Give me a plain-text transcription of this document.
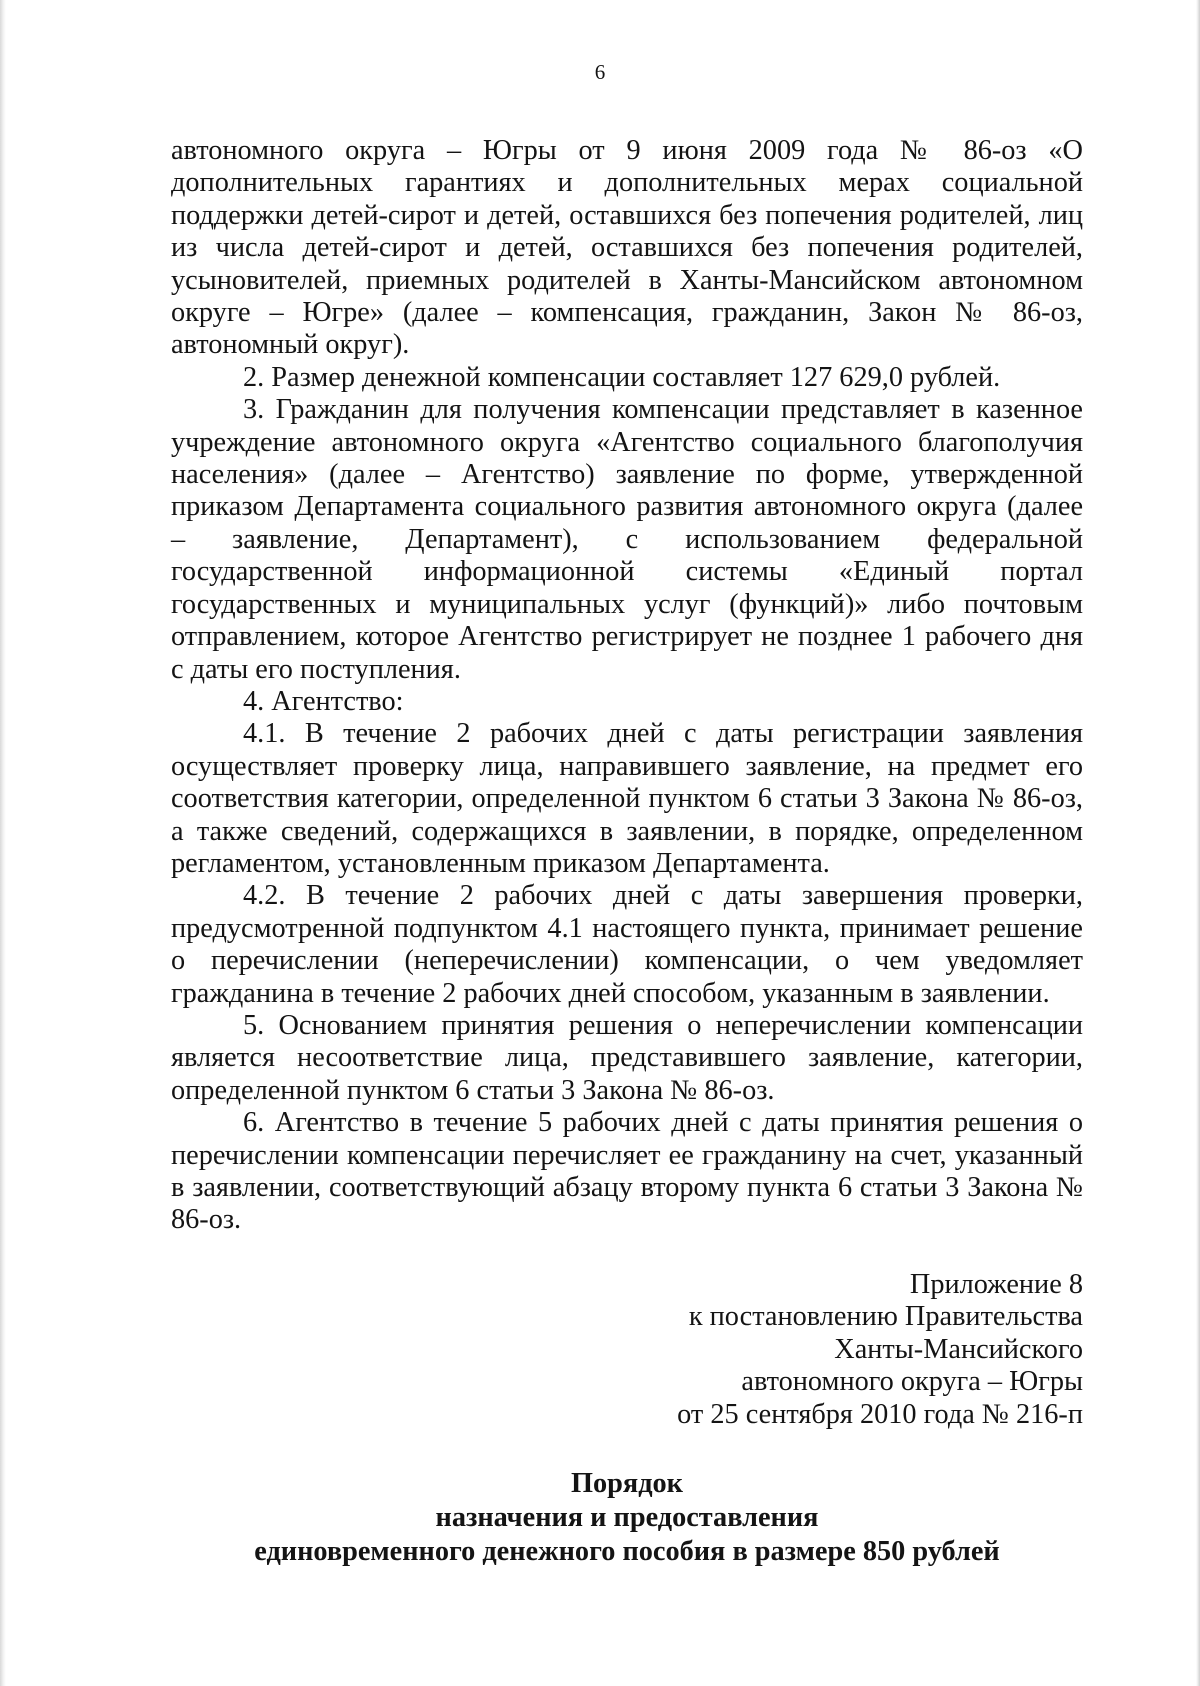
6

автономного округа – Югры от 9 июня 2009 года № 86-оз «О дополнительных гарантиях и дополнительных мерах социальной поддержки детей-сирот и детей, оставшихся без попечения родителей, лиц из числа детей-сирот и детей, оставшихся без попечения родителей, усыновителей, приемных родителей в Ханты-Мансийском автономном округе – Югре» (далее – компенсация, гражданин, Закон № 86-оз, автономный округ).

2. Размер денежной компенсации составляет 127 629,0 рублей.

3. Гражданин для получения компенсации представляет в казенное учреждение автономного округа «Агентство социального благополучия населения» (далее – Агентство) заявление по форме, утвержденной приказом Департамента социального развития автономного округа (далее – заявление, Департамент), с использованием федеральной государственной информационной системы «Единый портал государственных и муниципальных услуг (функций)» либо почтовым отправлением, которое Агентство регистрирует не позднее 1 рабочего дня с даты его поступления.

4. Агентство:

4.1. В течение 2 рабочих дней с даты регистрации заявления осуществляет проверку лица, направившего заявление, на предмет его соответствия категории, определенной пунктом 6 статьи 3 Закона № 86-оз, а также сведений, содержащихся в заявлении, в порядке, определенном регламентом, установленным приказом Департамента.

4.2. В течение 2 рабочих дней с даты завершения проверки, предусмотренной подпунктом 4.1 настоящего пункта, принимает решение о перечислении (неперечислении) компенсации, о чем уведомляет гражданина в течение 2 рабочих дней способом, указанным в заявлении.

5. Основанием принятия решения о неперечислении компенсации является несоответствие лица, представившего заявление, категории, определенной пунктом 6 статьи 3 Закона № 86-оз.

6. Агентство в течение 5 рабочих дней с даты принятия решения о перечислении компенсации перечисляет ее гражданину на счет, указанный в заявлении, соответствующий абзацу второму пункта 6 статьи 3 Закона № 86-оз.

Приложение 8
к постановлению Правительства
Ханты-Мансийского
автономного округа – Югры
от 25 сентября 2010 года № 216-п
Порядок
назначения и предоставления
единовременного денежного пособия в размере 850 рублей
